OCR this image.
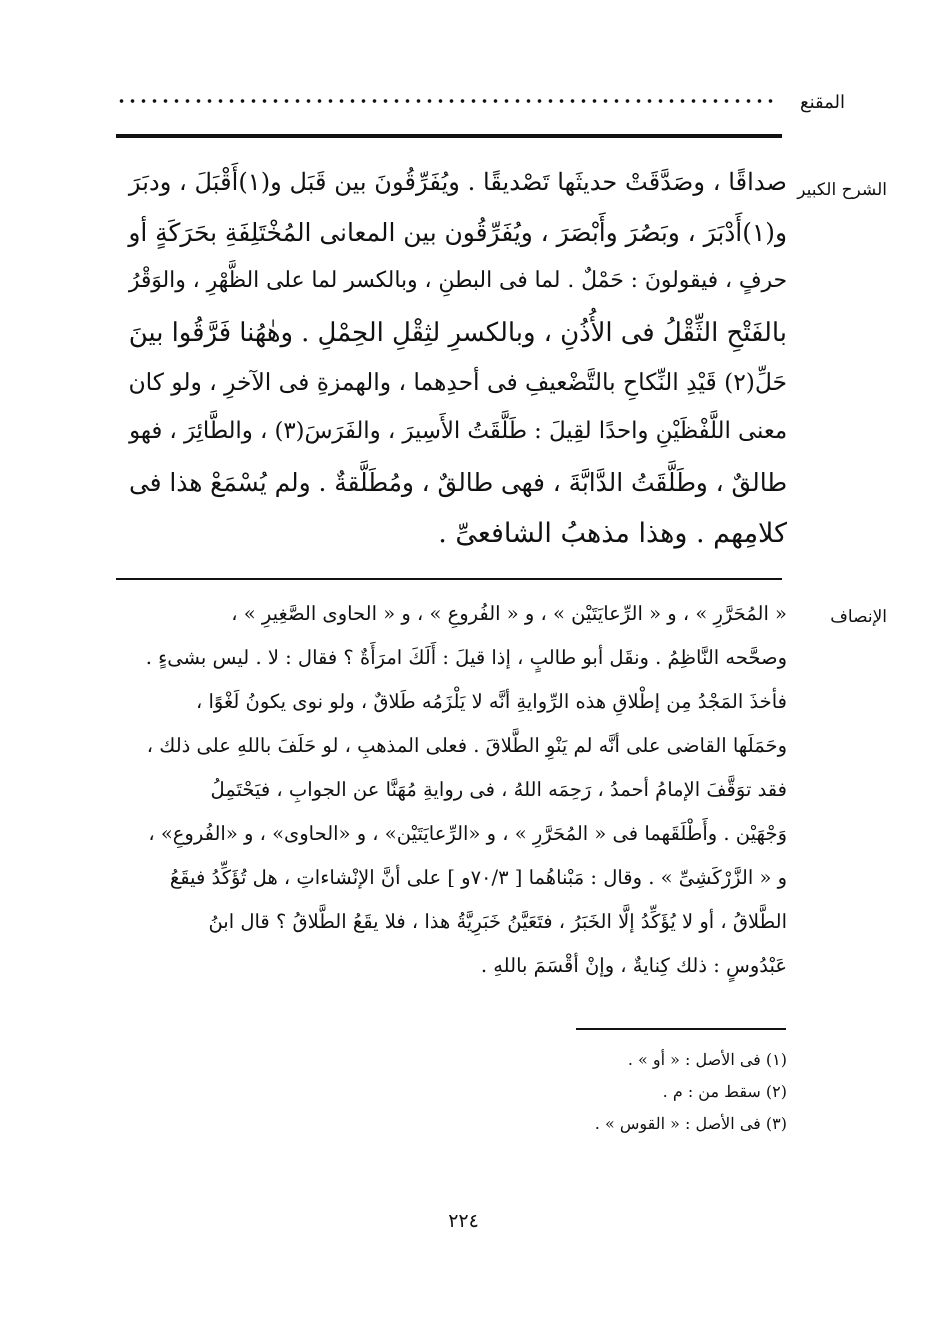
المقنع
الشرح الكبير
صداقًا ، وصَدَّقَتْ حديثَها تَصْديقًا . ويُفَرِّقُونَ بين قَبَل و(١)أَقْبَلَ ، ودبَرَ
و(١)أَدْبَرَ ، وبَصُرَ وأَبْصَرَ ، ويُفَرِّقُون بين المعانى المُخْتَلِفَةِ بحَرَكَةٍ أو
حرفٍ ، فيقولونَ : حَمْلٌ . لما فى البطنِ ، وبالكسر لما على الظَّهْرِ ، والوَقْرُ
بالفَتْحِ الثِّقْلُ فى الأُذُنِ ، وبالكسرِ لثِقْلِ الحِمْلِ . وهٰهُنا فَرَّقُوا بينَ
حَلِّ(٢) قَيْدِ النِّكاحِ بالتَّضْعيفِ فى أحدِهما ، والهمزةِ فى الآخرِ ، ولو كان
معنى اللَّفْظَيْنِ واحدًا لقِيلَ : طَلَّقَتُ الأَسِيرَ ، والفَرَسَ(٣) ، والطَّائِرَ ، فهو
طالقٌ ، وطَلَّقَتُ الدَّابَّةَ ، فهى طالقٌ ، ومُطَلَّقةٌ . ولم يُسْمَعْ هذا فى
كلامِهم . وهذا مذهبُ الشافعىِّ .
الإنصاف
« المُحَرَّرِ » ، و « الرِّعايَتَيْن » ، و « الفُروعِ » ، و « الحاوى الصَّغِيرِ » ،
وصحَّحه النَّاظِمُ . ونقَل أبو طالبٍ ، إذا قيلَ : أَلَكَ امرَأَةٌ ؟ فقال : لا . ليس بشىءٍ .
فأخذَ المَجْدُ مِن إطْلاقِ هذه الرِّوايةِ أنَّه لا يَلْزَمُه طَلاقٌ ، ولو نوى يكونُ لَغْوًا ،
وحَمَلَها القاضى على أنَّه لم يَنْوِ الطَّلاقَ . فعلى المذهبِ ، لو حَلَفَ باللهِ على ذلك ،
فقد توَقَّفَ الإمامُ أحمدُ ، رَحِمَه اللهُ ، فى روايةِ مُهَنَّا عن الجوابِ ، فيَحْتَمِلُ
وَجْهَيْن . وأَطْلَقَهما فى « المُحَرَّرِ » ، و «الرِّعايَتَيْن» ، و «الحاوى» ، و «الفُروعِ» ،
و « الزَّرْكَشِىِّ » . وقال : مَبْناهُما [ ٧٠/٣و ] على أنَّ الإنْشاءاتِ ، هل تُؤَكِّدُ فيقَعُ
الطَّلاقُ ، أو لا يُؤَكِّدُ إلَّا الخَبَرُ ، فتَعَيَّنُ خَبَرِيَّةُ هذا ، فلا يقَعُ الطَّلاقُ ؟ قال ابنُ
عَبْدُوسٍ : ذلك كِنايةٌ ، وإنْ أقْسَمَ باللهِ .
(١) فى الأصل : « أو » .
(٢) سقط من : م .
(٣) فى الأصل : « القوس » .
٢٢٤
